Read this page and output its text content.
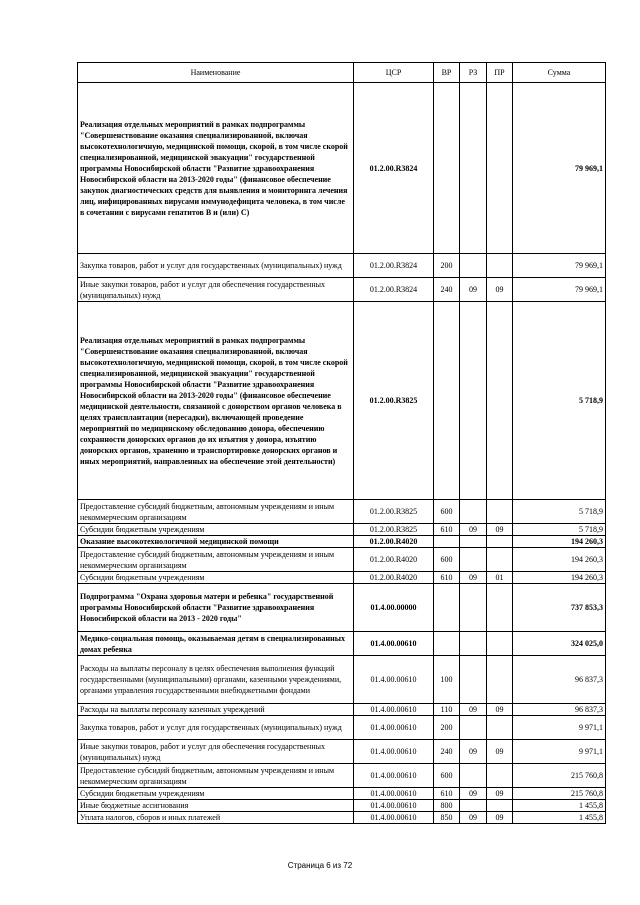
Наименование	ЦСР	ВР	РЗ	ПР	Сумма
Реализация отдельных мероприятий в рамках подпрограммы "Совершенствование оказания специализированной, включая высокотехнологичную, медицинской помощи, скорой, в том числе скорой специализированной, медицинской эвакуации" государственной программы Новосибирской области "Развитие здравоохранения Новосибирской области на 2013-2020 годы" (финансовое обеспечение закупок диагностических средств для выявления и мониторинга лечения лиц, инфицированных вирусами иммунодефицита человека, в том числе в сочетании с вирусами гепатитов B и (или) C)	01.2.00.R3824				79 969,1
Закупка товаров, работ и услуг для государственных (муниципальных) нужд	01.2.00.R3824	200			79 969,1
Иные закупки товаров, работ и услуг для обеспечения государственных (муниципальных) нужд	01.2.00.R3824	240	09	09	79 969,1
Реализация отдельных мероприятий в рамках подпрограммы "Совершенствование оказания специализированной, включая высокотехнологичную, медицинской помощи, скорой, в том числе скорой специализированной, медицинской эвакуации" государственной программы Новосибирской области "Развитие здравоохранения Новосибирской области на 2013-2020 годы" (финансовое обеспечение медицинской деятельности, связанной с донорством органов человека в целях трансплантации (пересадки), включающей проведение мероприятий по медицинскому обследованию донора, обеспечению сохранности донорских органов до их изъятия у донора, изъятию донорских органов, хранению и транспортировке донорских органов и иных мероприятий, направленных на обеспечение этой деятельности)	01.2.00.R3825				5 718,9
Предоставление субсидий бюджетным, автономным учреждениям и иным некоммерческим организациям	01.2.00.R3825	600			5 718,9
Субсидии бюджетным учреждениям	01.2.00.R3825	610	09	09	5 718,9
Оказание высокотехнологичной медицинской помощи	01.2.00.R4020				194 260,3
Предоставление субсидий бюджетным, автономным учреждениям и иным некоммерческим организациям	01.2.00.R4020	600			194 260,3
Субсидии бюджетным учреждениям	01.2.00.R4020	610	09	01	194 260,3
Подпрограмма "Охрана здоровья матери и ребенка" государственной программы Новосибирской области "Развитие здравоохранения Новосибирской области на 2013 - 2020 годы"	01.4.00.00000				737 853,3
Медико-социальная помощь, оказываемая детям в специализированных домах ребенка	01.4.00.00610				324 025,0
Расходы на выплаты персоналу в целях обеспечения выполнения функций государственными (муниципальными) органами, казенными учреждениями, органами управления государственными внебюджетными фондами	01.4.00.00610	100			96 837,3
Расходы на выплаты персоналу казенных учреждений	01.4.00.00610	110	09	09	96 837,3
Закупка товаров, работ и услуг для государственных (муниципальных) нужд	01.4.00.00610	200			9 971,1
Иные закупки товаров, работ и услуг для обеспечения государственных (муниципальных) нужд	01.4.00.00610	240	09	09	9 971,1
Предоставление субсидий бюджетным, автономным учреждениям и иным некоммерческим организациям	01.4.00.00610	600			215 760,8
Субсидии бюджетным учреждениям	01.4.00.00610	610	09	09	215 760,8
Иные бюджетные ассигнования	01.4.00.00610	800			1 455,8
Уплата налогов, сборов и иных платежей	01.4.00.00610	850	09	09	1 455,8
Страница 6 из 72
